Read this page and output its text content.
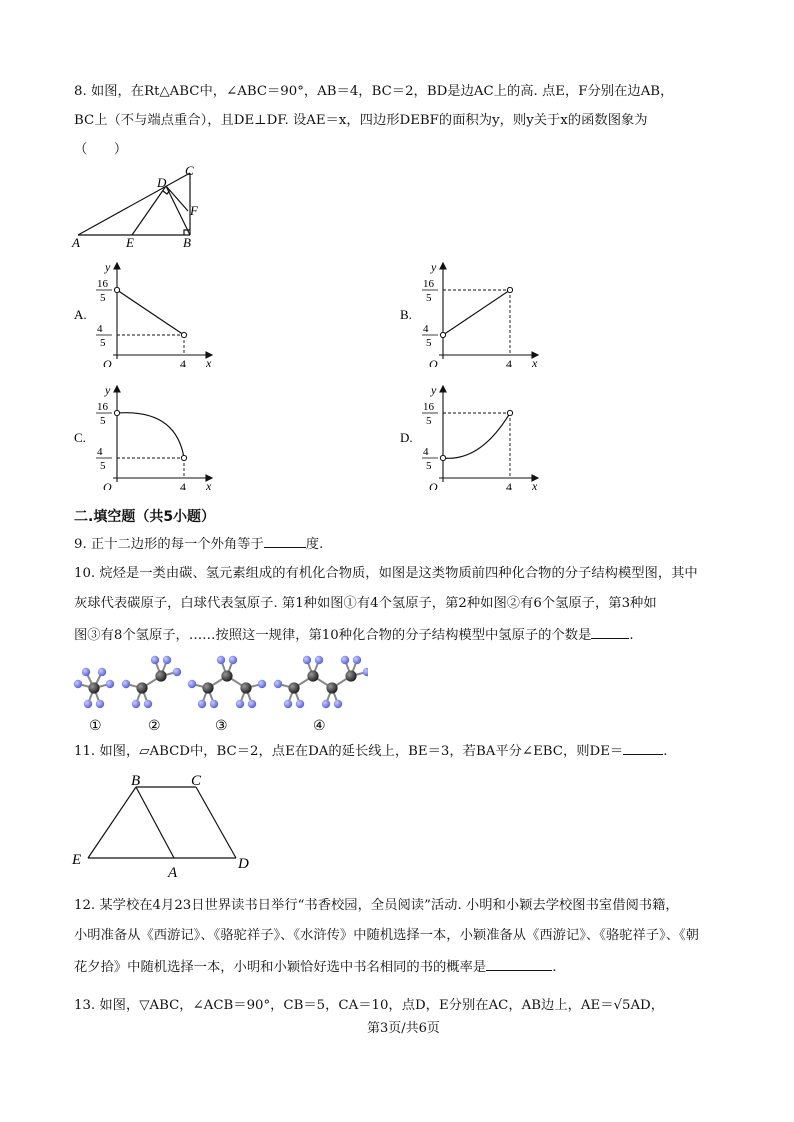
8. 如图，在Rt△ABC中，∠ABC＝90°，AB＝4，BC＝2，BD是边AC上的高. 点E，F分别在边AB，
BC上（不与端点重合），且DE⊥DF. 设AE＝x，四边形DEBF的面积为y，则y关于x的函数图象为
（　　）
A	B
C
D
E
F
16
5
4
5
y
x
O	4
A.
16
5
4
5
y
x
O	4
B.
16
5
4
5
y
x
O	4
C.
16
5
4
5
y
x
O	4
D.
二.填空题（共5小题）
9. 正十二边形的每一个外角等于	度.
10. 烷烃是一类由碳、氢元素组成的有机化合物质，如图是这类物质前四种化合物的分子结构模型图，其中
灰球代表碳原子，白球代表氢原子. 第1种如图①有4个氢原子，第2种如图②有6个氢原子，第3种如
图③有8个氢原子，……按照这一规律，第10种化合物的分子结构模型中氢原子的个数是	.
①	②	③	④
11. 如图，▱ABCD中，BC＝2，点E在DA的延长线上，BE＝3，若BA平分∠EBC，则DE＝	.
B	C
E
A
D
12. 某学校在4月23日世界读书日举行“书香校园，全员阅读”活动. 小明和小颖去学校图书室借阅书籍，
小明准备从《西游记》、《骆驼祥子》、《水浒传》中随机选择一本，小颖准备从《西游记》、《骆驼祥子》、《朝
花夕拾》中随机选择一本，小明和小颖恰好选中书名相同的书的概率是	.
13. 如图，▽ABC，∠ACB＝90°，CB＝5，CA＝10，点D，E分别在AC，AB边上，AE＝√5AD，
第3页/共6页
